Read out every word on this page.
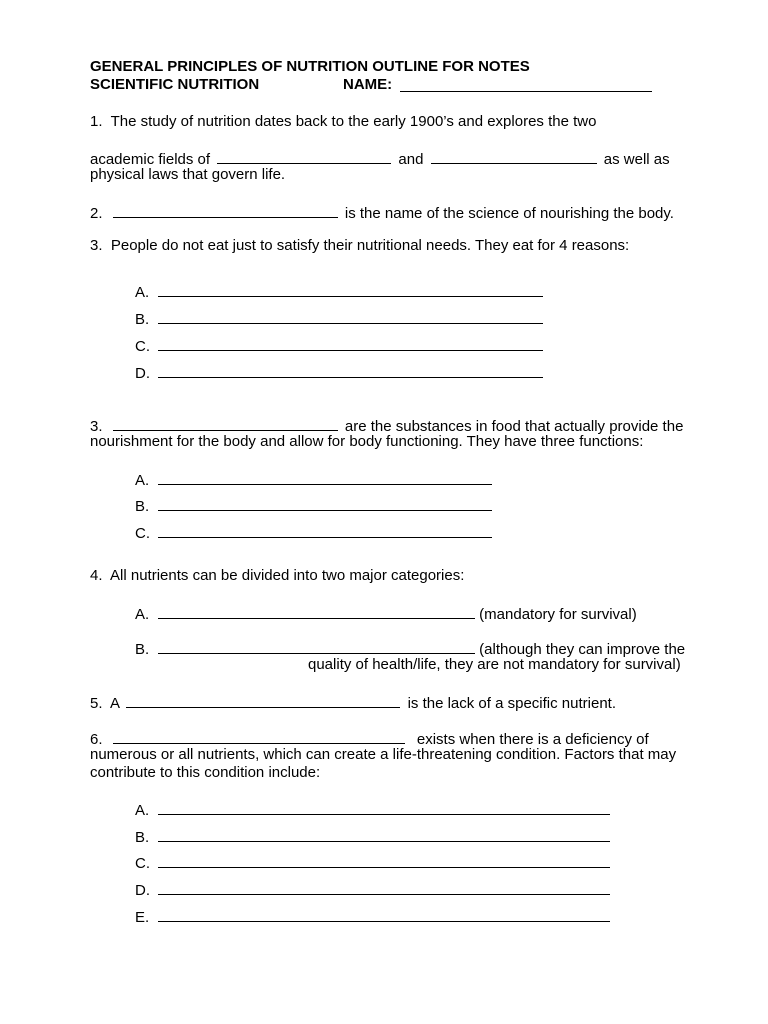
GENERAL PRINCIPLES OF NUTRITION OUTLINE FOR NOTES
SCIENTIFIC NUTRITION	NAME:
1. The study of nutrition dates back to the early 1900’s and explores the two
academic fields of	and	as well as
physical laws that govern life.
2.	is the name of the science of nourishing the body.
3. People do not eat just to satisfy their nutritional needs. They eat for 4 reasons:
A.
B.
C.
D.
3.	are the substances in food that actually provide the
nourishment for the body and allow for body functioning. They have three functions:
A.
B.
C.
4. All nutrients can be divided into two major categories:
A.	(mandatory for survival)
B.	(although they can improve the
quality of health/life, they are not mandatory for survival)
5. A	is the lack of a specific nutrient.
6.	exists when there is a deficiency of
numerous or all nutrients, which can create a life-threatening condition. Factors that may
contribute to this condition include:
A.
B.
C.
D.
E.
